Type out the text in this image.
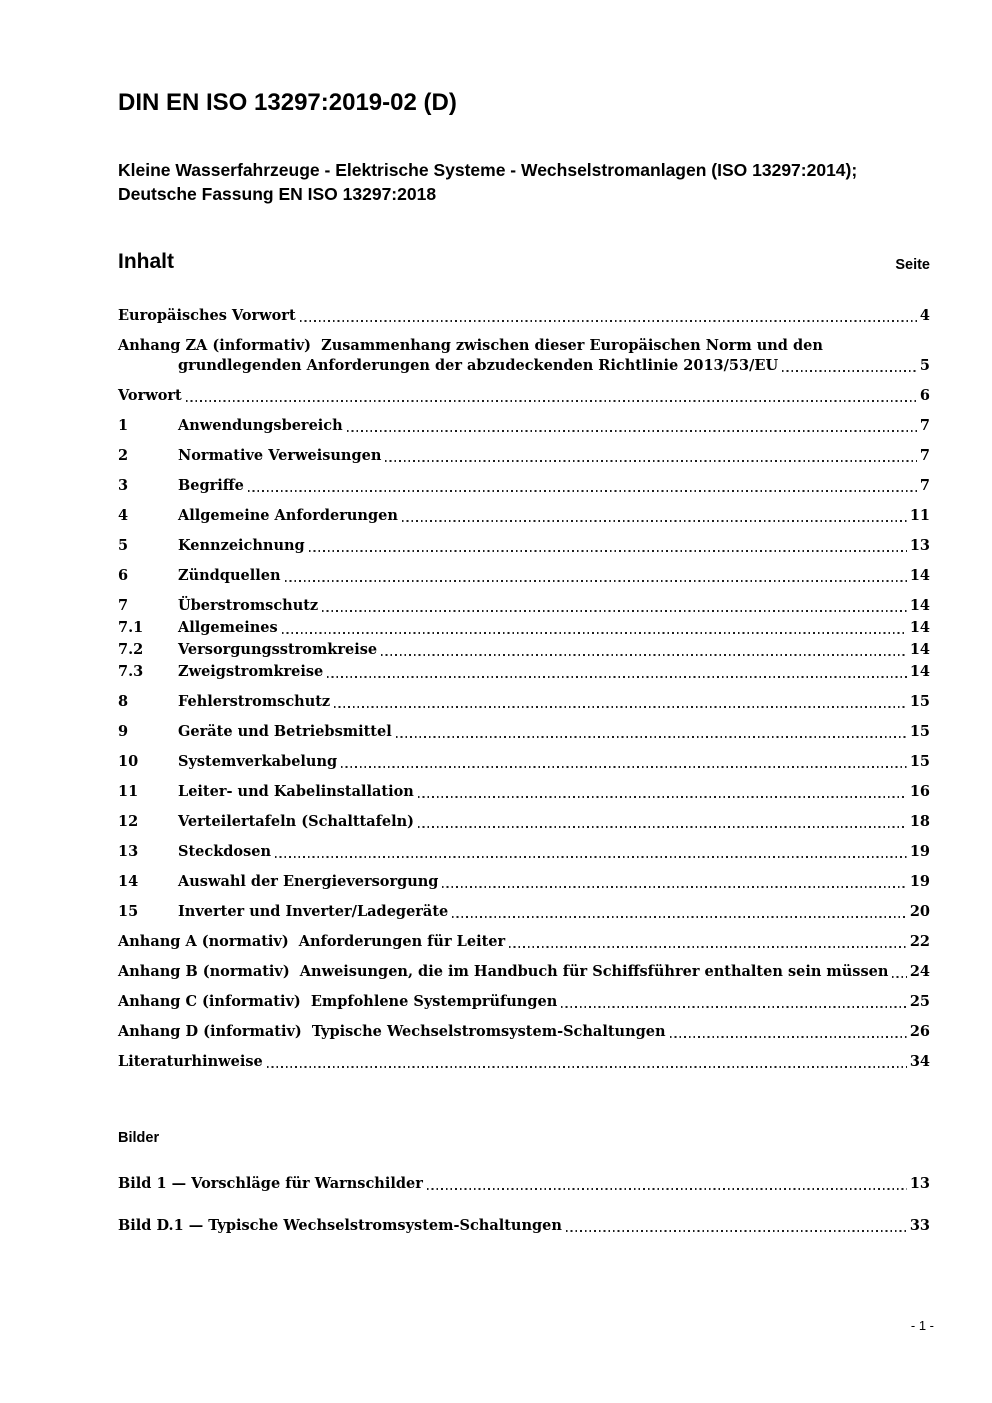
DIN EN ISO 13297:2019-02 (D)
Kleine Wasserfahrzeuge - Elektrische Systeme - Wechselstromanlagen (ISO 13297:2014); Deutsche Fassung EN ISO 13297:2018
Inhalt	Seite
Europäisches Vorwort	4
Anhang ZA (informativ)  Zusammenhang zwischen dieser Europäischen Norm und den
grundlegenden Anforderungen der abzudeckenden Richtlinie 2013/53/EU	5
Vorwort	6
1	Anwendungsbereich	7
2	Normative Verweisungen	7
3	Begriffe	7
4	Allgemeine Anforderungen	11
5	Kennzeichnung	13
6	Zündquellen	14
7	Überstromschutz	14
7.1	Allgemeines	14
7.2	Versorgungsstromkreise	14
7.3	Zweigstromkreise	14
8	Fehlerstromschutz	15
9	Geräte und Betriebsmittel	15
10	Systemverkabelung	15
11	Leiter- und Kabelinstallation	16
12	Verteilertafeln (Schalttafeln)	18
13	Steckdosen	19
14	Auswahl der Energieversorgung	19
15	Inverter und Inverter/Ladegeräte	20
Anhang A (normativ)  Anforderungen für Leiter	22
Anhang B (normativ)  Anweisungen, die im Handbuch für Schiffsführer enthalten sein müssen 24
Anhang C (informativ)  Empfohlene Systemprüfungen	25
Anhang D (informativ)  Typische Wechselstromsystem-Schaltungen	26
Literaturhinweise	34
Bilder
Bild 1 — Vorschläge für Warnschilder	13
Bild D.1 — Typische Wechselstromsystem-Schaltungen	33
- 1 -
